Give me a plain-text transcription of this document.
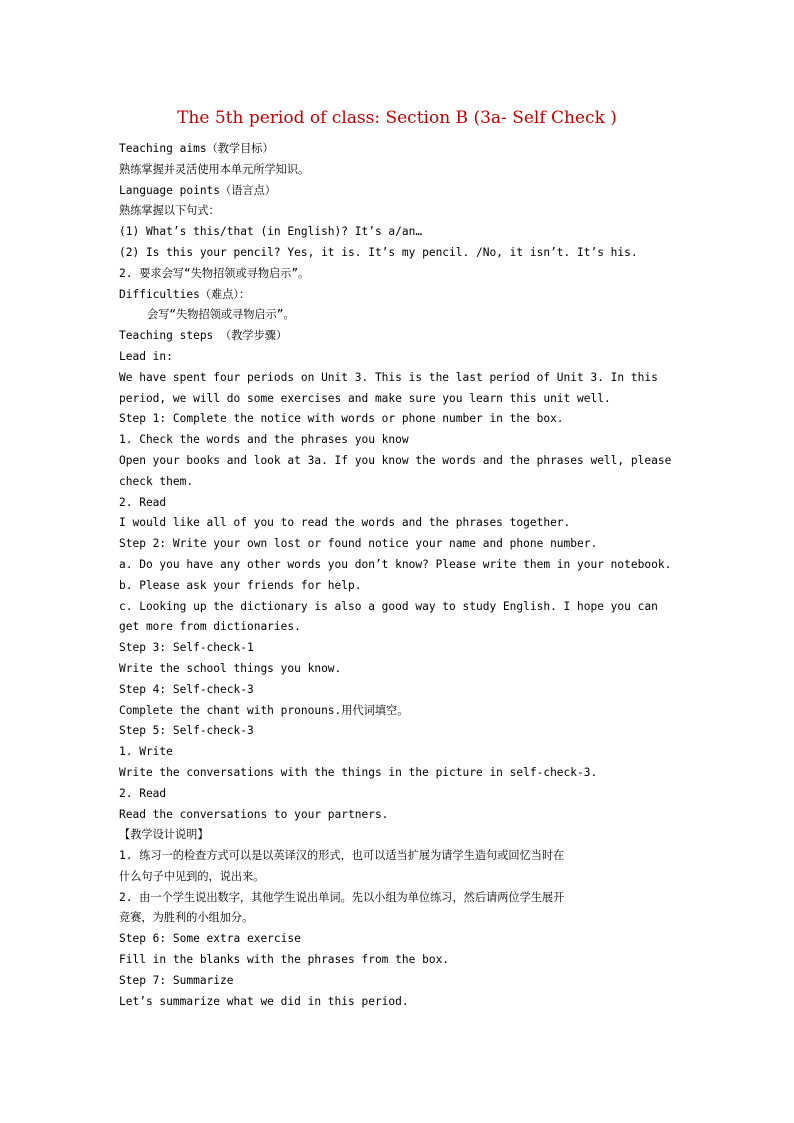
The 5th period of class: Section B (3a- Self Check )
Teaching aims（教学目标）
熟练掌握并灵活使用本单元所学知识。
Language points（语言点）
熟练掌握以下句式：
(1) What’s this/that (in English)? It’s a/an…
(2) Is this your pencil? Yes, it is. It’s my pencil. /No, it isn’t. It’s his.
2. 要求会写“失物招领或寻物启示”。
Difficulties（难点）：
会写“失物招领或寻物启示”。
Teaching steps （教学步骤）
Lead in:
We have spent four periods on Unit 3. This is the last period of Unit 3. In this
period, we will do some exercises and make sure you learn this unit well.
Step 1: Complete the notice with words or phone number in the box.
1. Check the words and the phrases you know
Open your books and look at 3a. If you know the words and the phrases well, please
check them.
2. Read
I would like all of you to read the words and the phrases together.
Step 2: Write your own lost or found notice your name and phone number.
a. Do you have any other words you don’t know? Please write them in your notebook.
b. Please ask your friends for help.
c. Looking up the dictionary is also a good way to study English. I hope you can
get more from dictionaries.
Step 3: Self-check-1
Write the school things you know.
Step 4: Self-check-3
Complete the chant with pronouns.用代词填空。
Step 5: Self-check-3
1. Write
Write the conversations with the things in the picture in self-check-3.
2. Read
Read the conversations to your partners.
【教学设计说明】
1. 练习一的检查方式可以是以英译汉的形式，也可以适当扩展为请学生造句或回忆当时在
什么句子中见到的，说出来。
2. 由一个学生说出数字，其他学生说出单词。先以小组为单位练习，然后请两位学生展开
竞赛，为胜利的小组加分。
Step 6: Some extra exercise
Fill in the blanks with the phrases from the box.
Step 7: Summarize
Let’s summarize what we did in this period.
